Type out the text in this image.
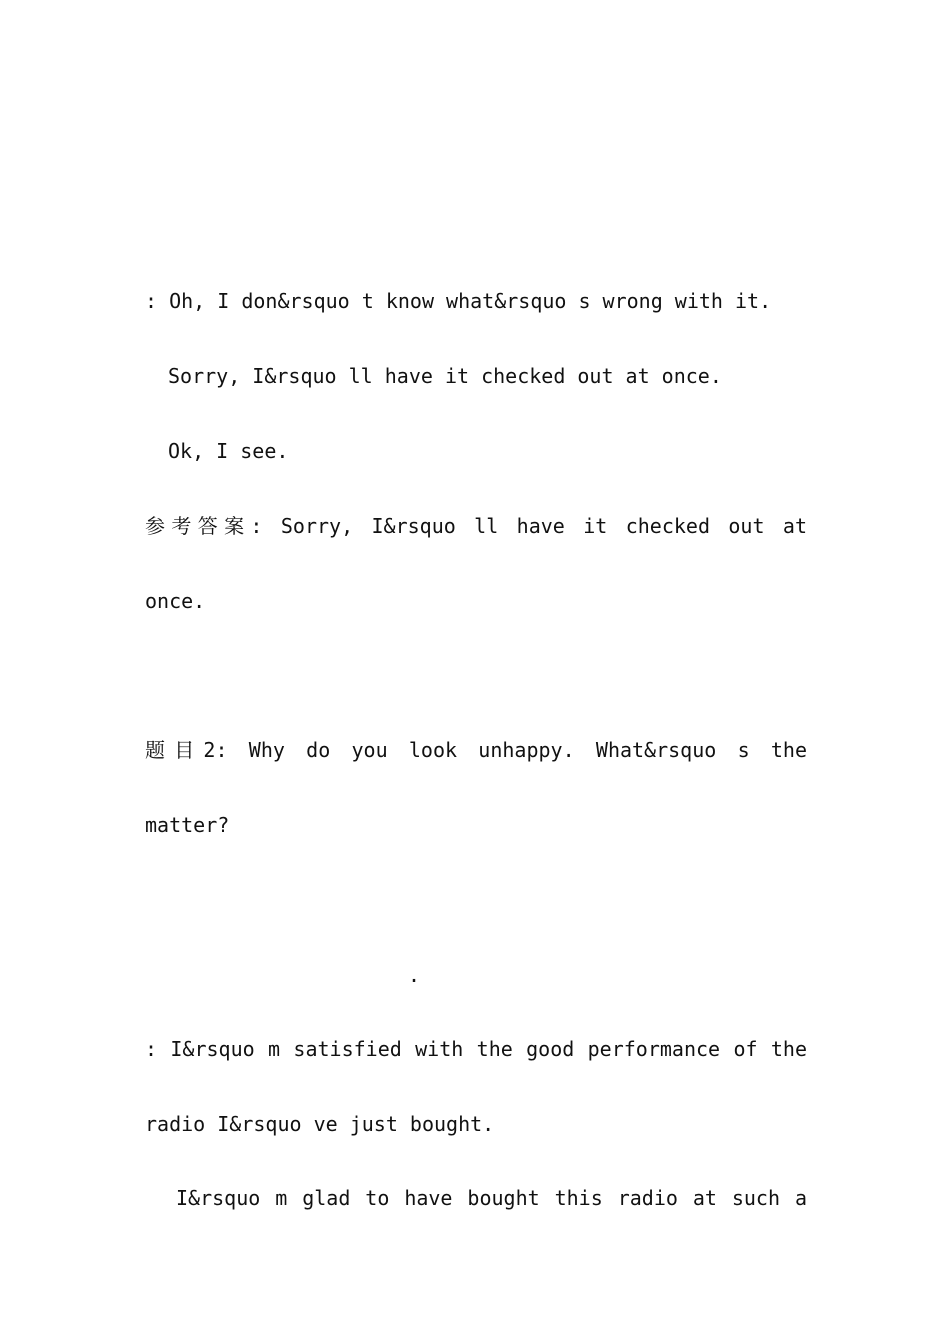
: Oh, I don&rsquo t know what&rsquo s wrong with it.
Sorry, I&rsquo ll have it checked out at once.
Ok, I see.
参考答案: Sorry, I&rsquo ll have it checked out at
once.
题目2: Why do you look unhappy. What&rsquo s the
matter?
.
: I&rsquo m satisfied with the good performance of the
radio I&rsquo ve just bought.
I&rsquo m glad to have bought this radio at such a
